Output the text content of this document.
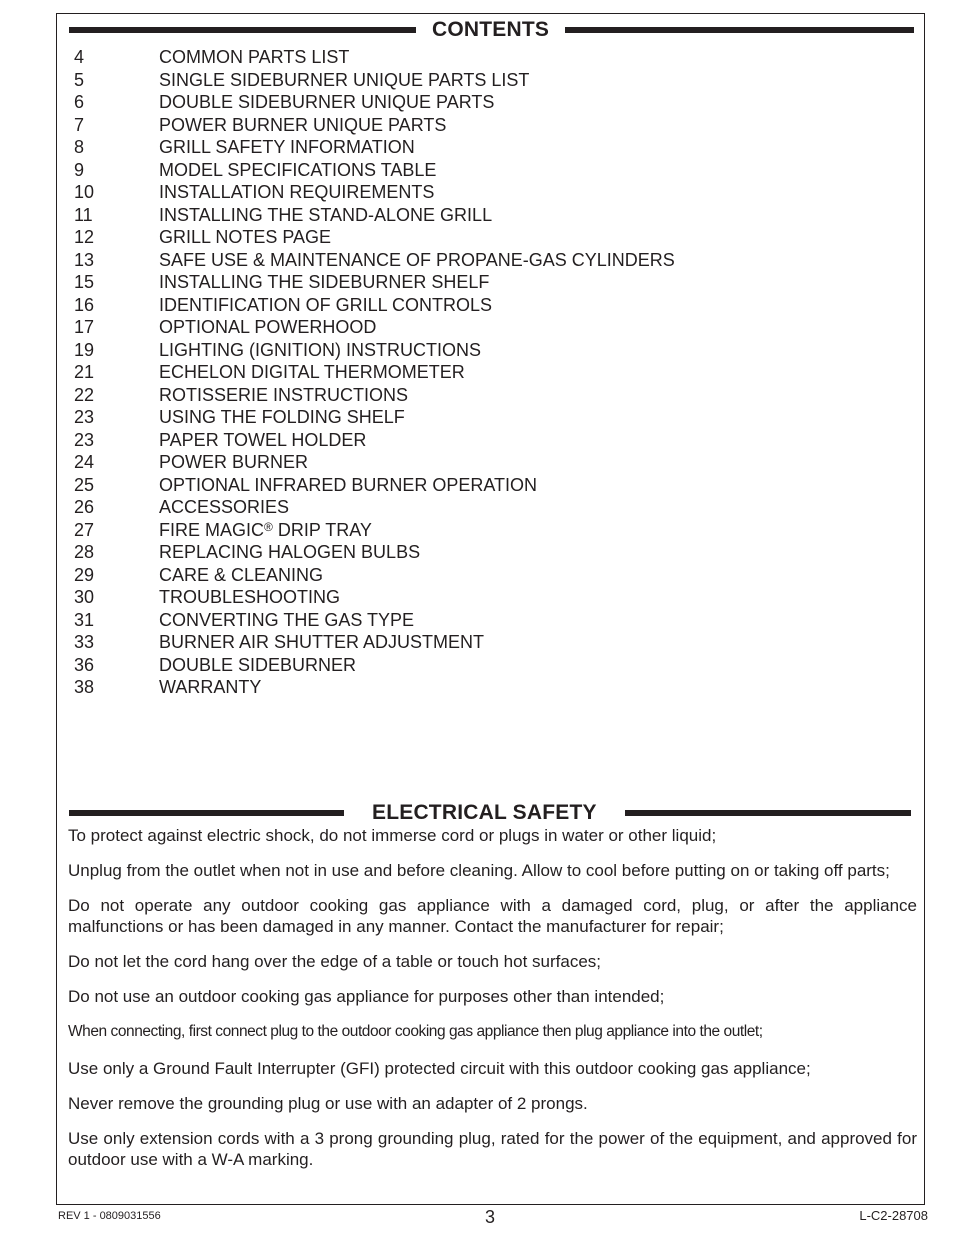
CONTENTS
4	COMMON PARTS LIST
5	SINGLE SIDEBURNER UNIQUE PARTS LIST
6	DOUBLE SIDEBURNER UNIQUE PARTS
7	POWER BURNER UNIQUE PARTS
8	GRILL SAFETY INFORMATION
9	MODEL SPECIFICATIONS TABLE
10	INSTALLATION REQUIREMENTS
11	INSTALLING THE STAND-ALONE GRILL
12	GRILL NOTES PAGE
13	SAFE USE & MAINTENANCE OF PROPANE-GAS CYLINDERS
15	INSTALLING THE SIDEBURNER SHELF
16	IDENTIFICATION OF GRILL CONTROLS
17	OPTIONAL POWERHOOD
19	LIGHTING (IGNITION) INSTRUCTIONS
21	ECHELON DIGITAL THERMOMETER
22	ROTISSERIE INSTRUCTIONS
23	USING THE FOLDING SHELF
23	PAPER TOWEL HOLDER
24	POWER BURNER
25	OPTIONAL INFRARED BURNER OPERATION
26	ACCESSORIES
27	FIRE MAGIC® DRIP TRAY
28	REPLACING HALOGEN BULBS
29	CARE & CLEANING
30	TROUBLESHOOTING
31	CONVERTING THE GAS TYPE
33	BURNER AIR SHUTTER ADJUSTMENT
36	DOUBLE SIDEBURNER
38	WARRANTY
ELECTRICAL SAFETY

To protect against electric shock, do not immerse cord or plugs in water or other liquid;

Unplug from the outlet when not in use and before cleaning. Allow to cool before putting on or taking off parts;

Do not operate any outdoor cooking gas appliance with a damaged cord, plug, or after the appliance malfunctions or has been damaged in any manner. Contact the manufacturer for repair;

Do not let the cord hang over the edge of a table or touch hot surfaces;

Do not use an outdoor cooking gas appliance for purposes other than intended;

When connecting, first connect plug to the outdoor cooking gas appliance then plug appliance into the outlet;

Use only a Ground Fault Interrupter (GFI) protected circuit with this outdoor cooking gas appliance;

Never remove the grounding plug or use with an adapter of 2 prongs.

Use only extension cords with a 3 prong grounding plug, rated for the power of the equipment, and approved for outdoor use with a W-A marking.

REV 1 - 0809031556	3	L-C2-28708
